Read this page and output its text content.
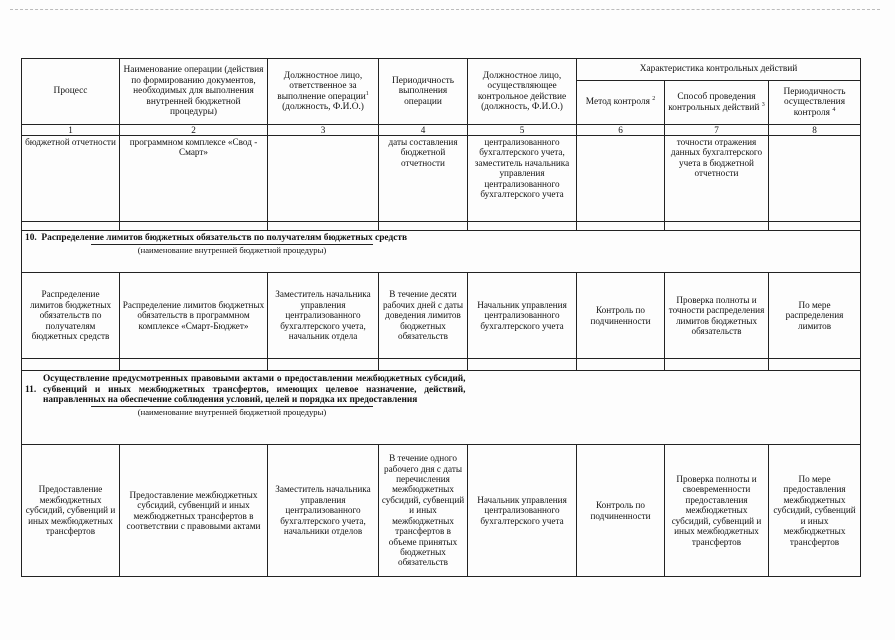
Процесс	Наименование операции (действия по формированию документов, необходимых для выполнения внутренней бюджетной процедуры)	Должностное лицо, ответственное за выполнение операции$^1$ (должность, Ф.И.О.)	Периодичность выполнения операции	Должностное лицо, осуществляющее контрольное действие (должность, Ф.И.О.)	Характеристика контрольных действий		
					Метод контроля $^2$	Способ проведения контрольных действий $^3$	Периодичность осуществления контроля $^4$
1	2	3	4	5	6	7	8
бюджетной отчетности	программном комплексе «Свод - Смарт»		даты составления бюджетной отчетности	централизованного бухгалтерского учета, заместитель начальника управления централизованного бухгалтерского учета		точности отражения данных бухгалтерского учета в бюджетной отчетности	

10. Распределение лимитов бюджетных обязательств по получателям бюджетных средств
(наименование внутренней бюджетной процедуры)							

Распределение лимитов бюджетных обязательств по получателям бюджетных средств	Распределение лимитов бюджетных обязательств в программном комплексе «Смарт-Бюджет»	Заместитель начальника управления централизованного бухгалтерского учета, начальник отдела	В течение десяти рабочих дней с даты доведения лимитов бюджетных обязательств	Начальник управления централизованного бухгалтерского учета	Контроль по подчиненности	Проверка полноты и точности распределения лимитов бюджетных обязательств	По мере распределения лимитов

11.
Осуществление предусмотренных правовыми актами о предоставлении межбюджетных субсидий, субвенций и иных межбюджетных трансфертов, имеющих целевое назначение, действий, направленных на обеспечение соблюдения условий, целей и порядка их предоставления
(наименование внутренней бюджетной процедуры)							

Предоставление межбюджетных субсидий, субвенций и иных межбюджетных трансфертов	Предоставление межбюджетных субсидий, субвенций и иных межбюджетных трансфертов в соответствии с правовыми актами	Заместитель начальника управления централизованного бухгалтерского учета, начальники отделов	В течение одного рабочего дня с даты перечисления межбюджетных субсидий, субвенций и иных межбюджетных трансфертов в объеме принятых бюджетных обязательств	Начальник управления централизованного бухгалтерского учета	Контроль по подчиненности	Проверка полноты и своевременности предоставления межбюджетных субсидий, субвенций и иных межбюджетных трансфертов	По мере предоставления межбюджетных субсидий, субвенций и иных межбюджетных трансфертов
